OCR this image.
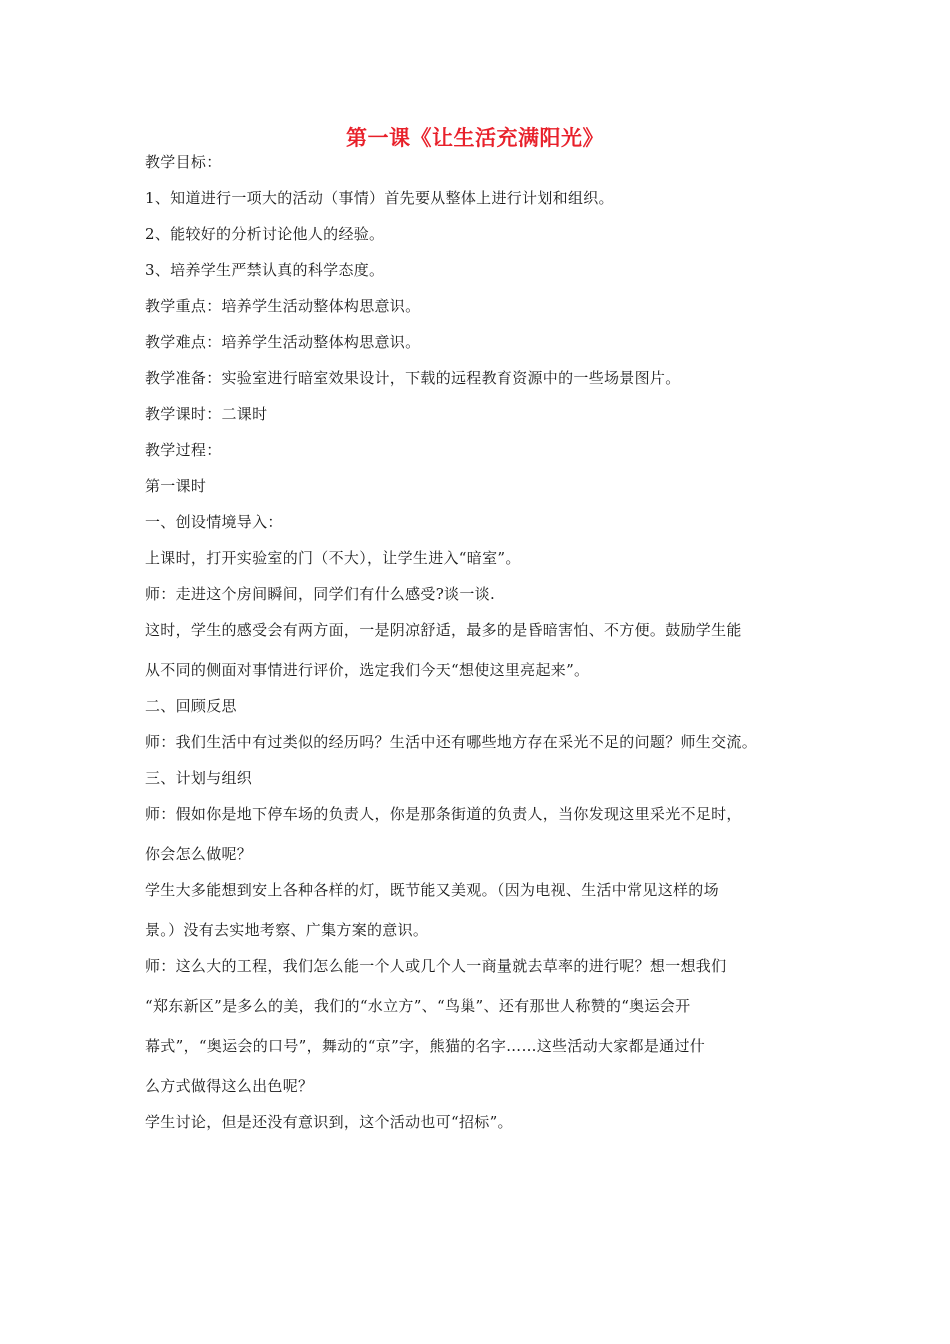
第一课《让生活充满阳光》
教学目标：
1、知道进行一项大的活动（事情）首先要从整体上进行计划和组织。
2、能较好的分析讨论他人的经验。
3、培养学生严禁认真的科学态度。
教学重点：培养学生活动整体构思意识。
教学难点：培养学生活动整体构思意识。
教学准备：实验室进行暗室效果设计，下载的远程教育资源中的一些场景图片。
教学课时：二课时
教学过程：
第一课时
一、创设情境导入：
上课时，打开实验室的门（不大），让学生进入“暗室”。
师：走进这个房间瞬间，同学们有什么感受?谈一谈.
这时，学生的感受会有两方面，一是阴凉舒适，最多的是昏暗害怕、不方便。鼓励学生能
从不同的侧面对事情进行评价，选定我们今天“想使这里亮起来”。
二、回顾反思
师：我们生活中有过类似的经历吗？生活中还有哪些地方存在采光不足的问题？师生交流。
三、计划与组织
师：假如你是地下停车场的负责人，你是那条街道的负责人，当你发现这里采光不足时，
你会怎么做呢？
学生大多能想到安上各种各样的灯，既节能又美观。（因为电视、生活中常见这样的场
景。）没有去实地考察、广集方案的意识。
师：这么大的工程，我们怎么能一个人或几个人一商量就去草率的进行呢？想一想我们
“郑东新区”是多么的美，我们的“水立方”、“鸟巢”、还有那世人称赞的“奥运会开
幕式”，“奥运会的口号”，舞动的“京”字，熊猫的名字……这些活动大家都是通过什
么方式做得这么出色呢？
学生讨论，但是还没有意识到，这个活动也可“招标”。
